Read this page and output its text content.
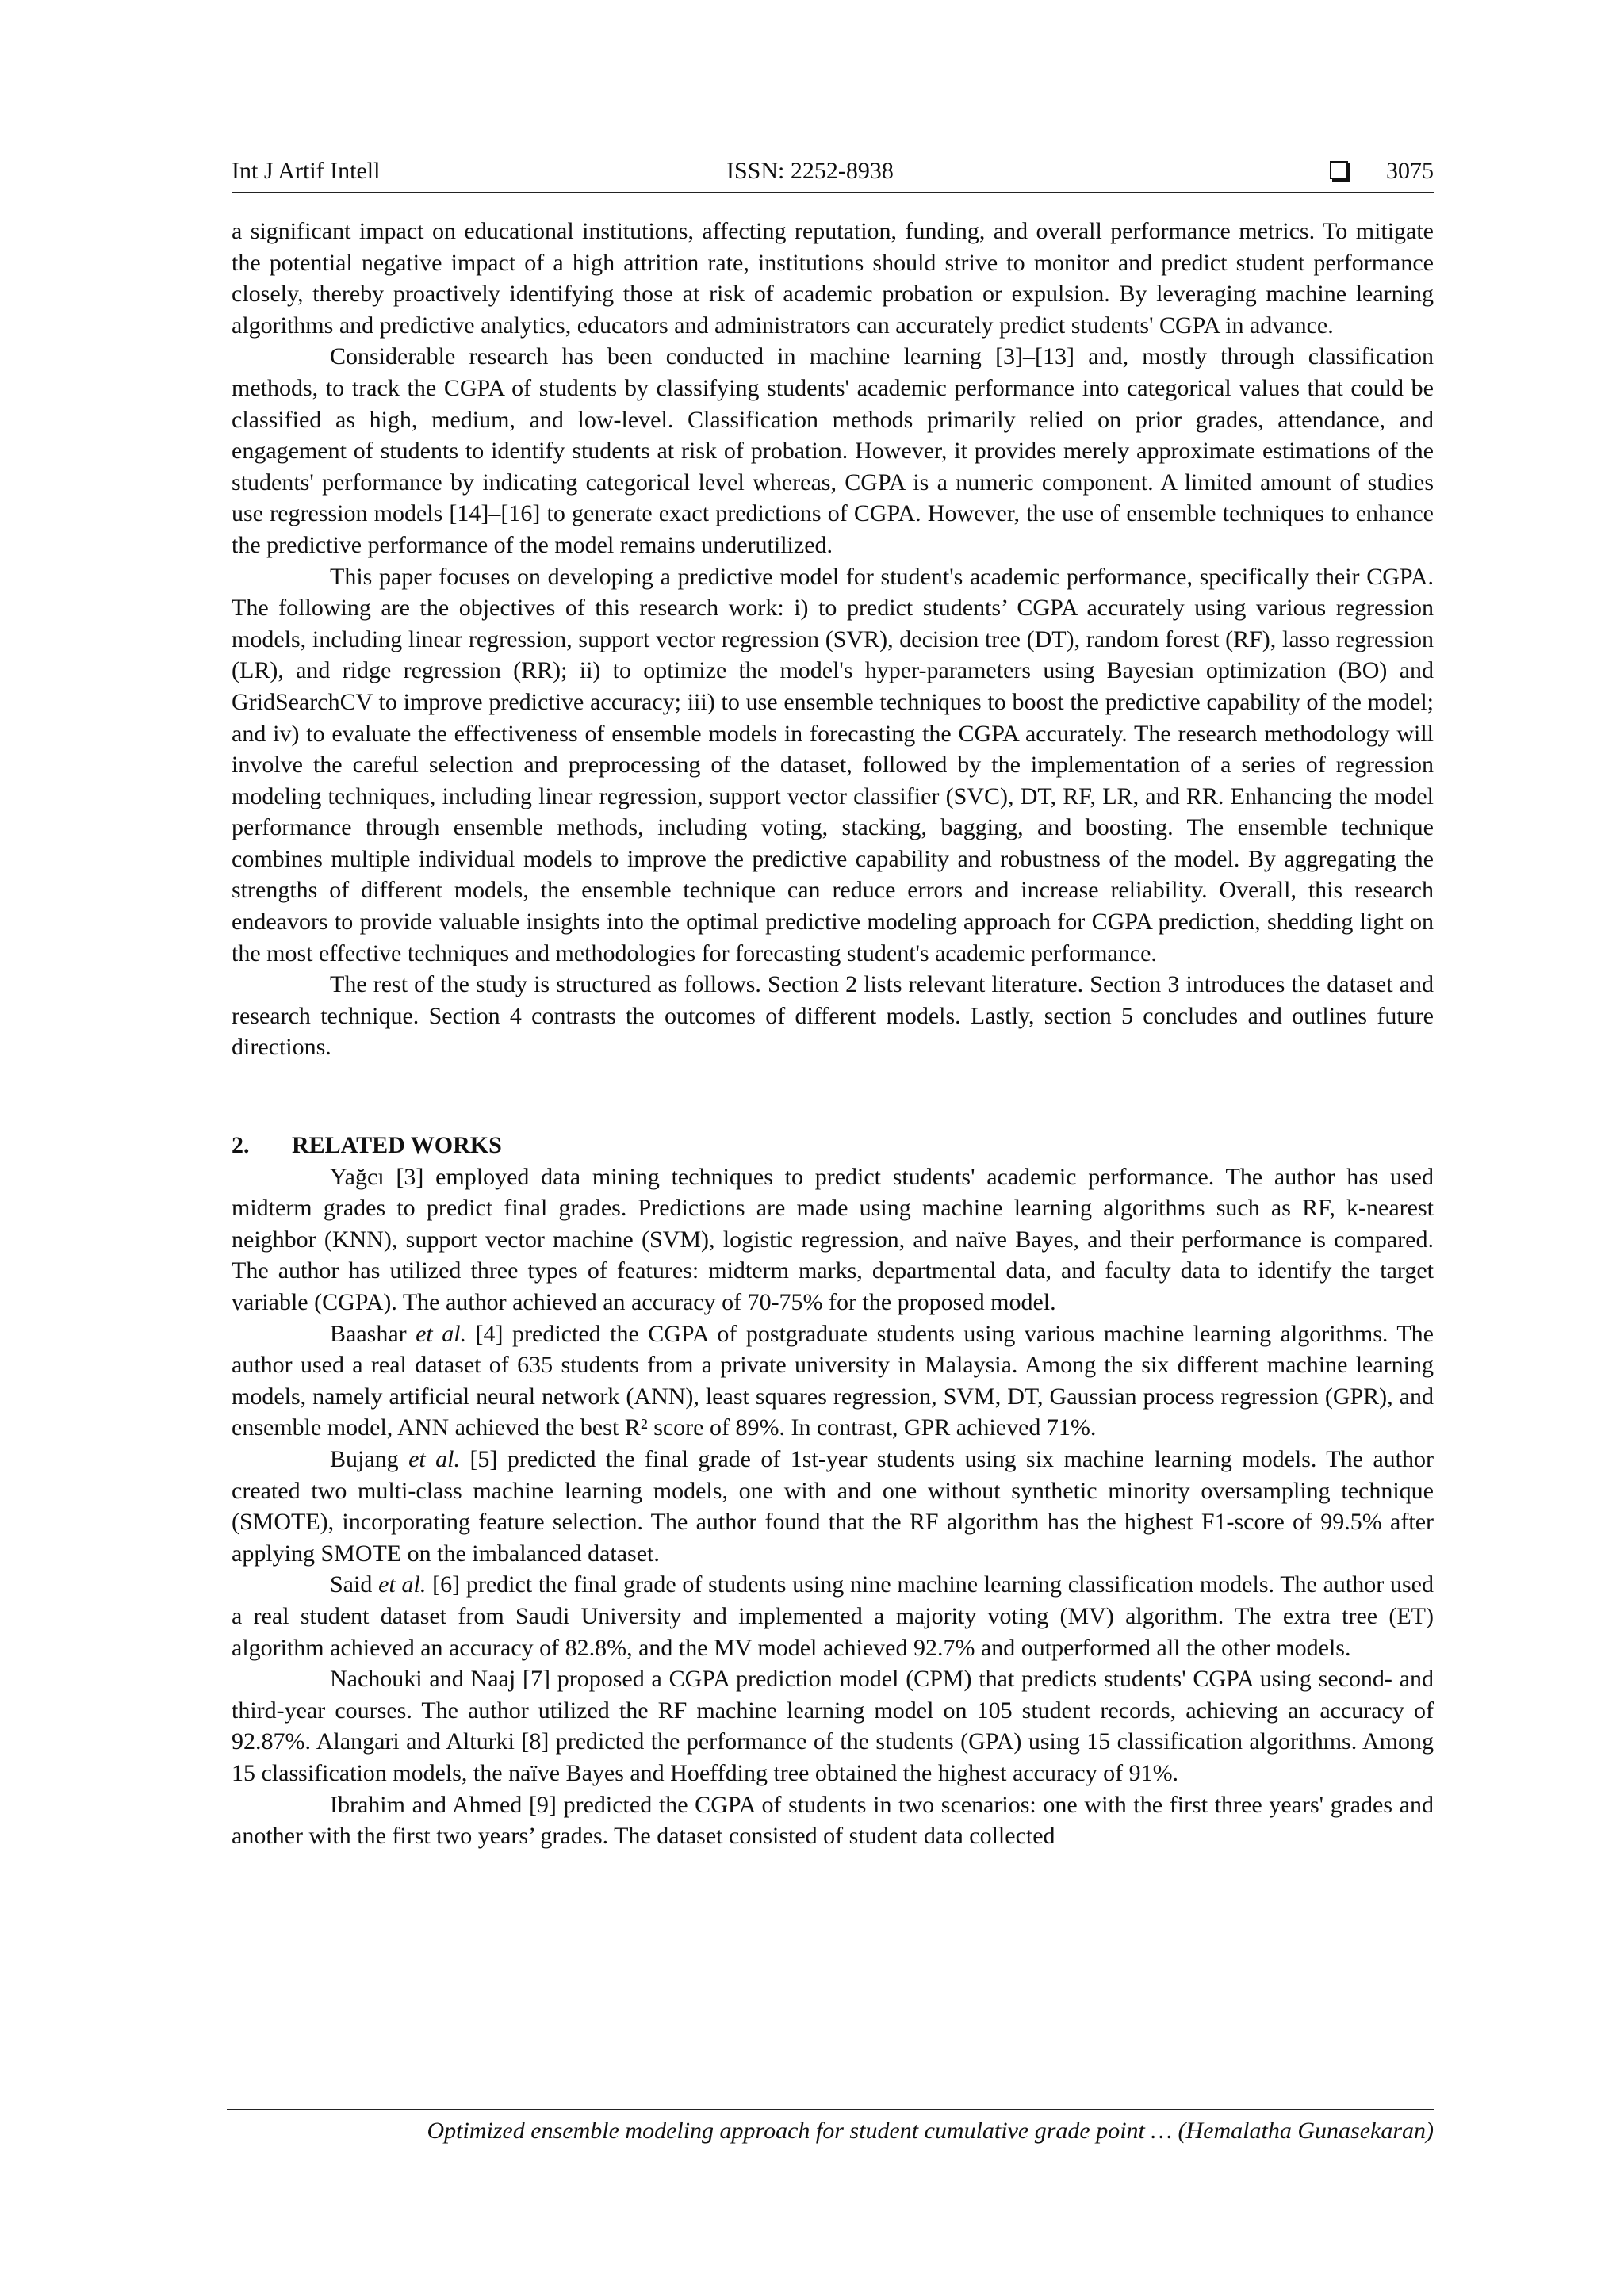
Int J Artif Intell	ISSN: 2252-8938	3075

a significant impact on educational institutions, affecting reputation, funding, and overall performance metrics. To mitigate the potential negative impact of a high attrition rate, institutions should strive to monitor and predict student performance closely, thereby proactively identifying those at risk of academic probation or expulsion. By leveraging machine learning algorithms and predictive analytics, educators and administrators can accurately predict students' CGPA in advance.

Considerable research has been conducted in machine learning [3]–[13] and, mostly through classification methods, to track the CGPA of students by classifying students' academic performance into categorical values that could be classified as high, medium, and low-level. Classification methods primarily relied on prior grades, attendance, and engagement of students to identify students at risk of probation. However, it provides merely approximate estimations of the students' performance by indicating categorical level whereas, CGPA is a numeric component. A limited amount of studies use regression models [14]–[16] to generate exact predictions of CGPA. However, the use of ensemble techniques to enhance the predictive performance of the model remains underutilized.

This paper focuses on developing a predictive model for student's academic performance, specifically their CGPA. The following are the objectives of this research work: i) to predict students’ CGPA accurately using various regression models, including linear regression, support vector regression (SVR), decision tree (DT), random forest (RF), lasso regression (LR), and ridge regression (RR); ii) to optimize the model's hyper-parameters using Bayesian optimization (BO) and GridSearchCV to improve predictive accuracy; iii) to use ensemble techniques to boost the predictive capability of the model; and iv) to evaluate the effectiveness of ensemble models in forecasting the CGPA accurately. The research methodology will involve the careful selection and preprocessing of the dataset, followed by the implementation of a series of regression modeling techniques, including linear regression, support vector classifier (SVC), DT, RF, LR, and RR. Enhancing the model performance through ensemble methods, including voting, stacking, bagging, and boosting. The ensemble technique combines multiple individual models to improve the predictive capability and robustness of the model. By aggregating the strengths of different models, the ensemble technique can reduce errors and increase reliability. Overall, this research endeavors to provide valuable insights into the optimal predictive modeling approach for CGPA prediction, shedding light on the most effective techniques and methodologies for forecasting student's academic performance.

The rest of the study is structured as follows. Section 2 lists relevant literature. Section 3 introduces the dataset and research technique. Section 4 contrasts the outcomes of different models. Lastly, section 5 concludes and outlines future directions.

2. RELATED WORKS

Yağcı [3] employed data mining techniques to predict students' academic performance. The author has used midterm grades to predict final grades. Predictions are made using machine learning algorithms such as RF, k-nearest neighbor (KNN), support vector machine (SVM), logistic regression, and naïve Bayes, and their performance is compared. The author has utilized three types of features: midterm marks, departmental data, and faculty data to identify the target variable (CGPA). The author achieved an accuracy of 70-75% for the proposed model.

Baashar et al. [4] predicted the CGPA of postgraduate students using various machine learning algorithms. The author used a real dataset of 635 students from a private university in Malaysia. Among the six different machine learning models, namely artificial neural network (ANN), least squares regression, SVM, DT, Gaussian process regression (GPR), and ensemble model, ANN achieved the best R² score of 89%. In contrast, GPR achieved 71%.

Bujang et al. [5] predicted the final grade of 1st-year students using six machine learning models. The author created two multi-class machine learning models, one with and one without synthetic minority oversampling technique (SMOTE), incorporating feature selection. The author found that the RF algorithm has the highest F1-score of 99.5% after applying SMOTE on the imbalanced dataset.

Said et al. [6] predict the final grade of students using nine machine learning classification models. The author used a real student dataset from Saudi University and implemented a majority voting (MV) algorithm. The extra tree (ET) algorithm achieved an accuracy of 82.8%, and the MV model achieved 92.7% and outperformed all the other models.

Nachouki and Naaj [7] proposed a CGPA prediction model (CPM) that predicts students' CGPA using second- and third-year courses. The author utilized the RF machine learning model on 105 student records, achieving an accuracy of 92.87%. Alangari and Alturki [8] predicted the performance of the students (GPA) using 15 classification algorithms. Among 15 classification models, the naïve Bayes and Hoeffding tree obtained the highest accuracy of 91%.

Ibrahim and Ahmed [9] predicted the CGPA of students in two scenarios: one with the first three years' grades and another with the first two years’ grades. The dataset consisted of student data collected

Optimized ensemble modeling approach for student cumulative grade point … (Hemalatha Gunasekaran)
